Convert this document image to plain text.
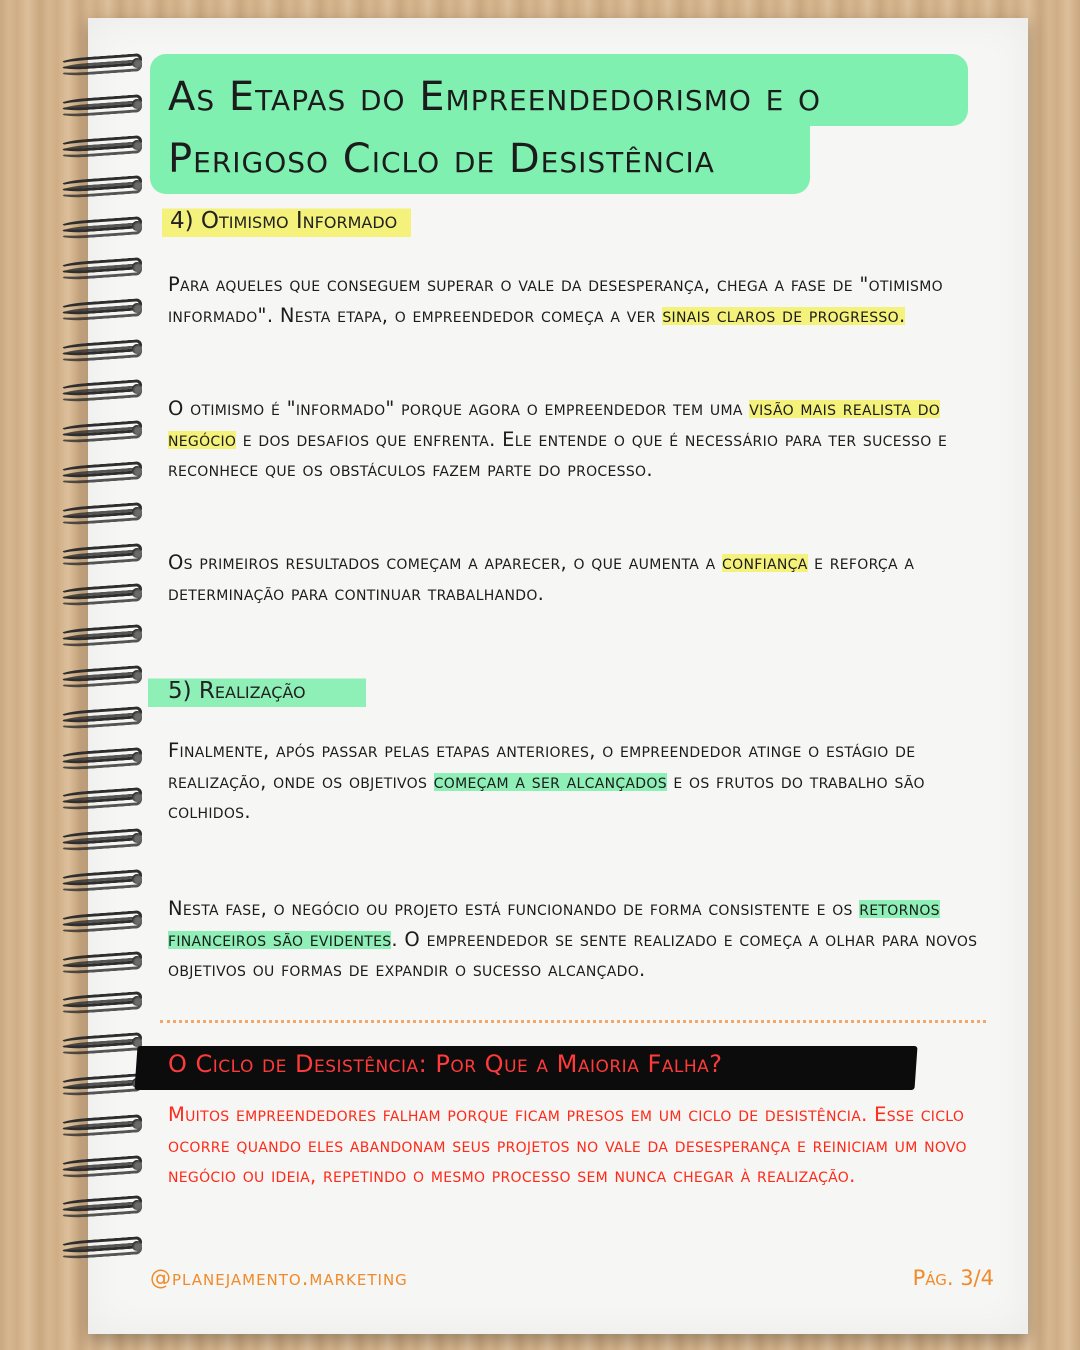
As Etapas do Empreendedorismo e o Perigoso Ciclo de Desistência
4) Otimismo Informado
Para aqueles que conseguem superar o vale da desesperança, chega a fase de "otimismo informado". Nesta etapa, o empreendedor começa a ver sinais claros de progresso.
O otimismo é "informado" porque agora o empreendedor tem uma visão mais realista do negócio e dos desafios que enfrenta. Ele entende o que é necessário para ter sucesso e reconhece que os obstáculos fazem parte do processo.
Os primeiros resultados começam a aparecer, o que aumenta a confiança e reforça a determinação para continuar trabalhando.
5) Realização
Finalmente, após passar pelas etapas anteriores, o empreendedor atinge o estágio de realização, onde os objetivos começam a ser alcançados e os frutos do trabalho são colhidos.
Nesta fase, o negócio ou projeto está funcionando de forma consistente e os retornos financeiros são evidentes. O empreendedor se sente realizado e começa a olhar para novos objetivos ou formas de expandir o sucesso alcançado.
O Ciclo de Desistência: Por Que a Maioria Falha?
Muitos empreendedores falham porque ficam presos em um ciclo de desistência. Esse ciclo ocorre quando eles abandonam seus projetos no vale da desesperança e reiniciam um novo negócio ou ideia, repetindo o mesmo processo sem nunca chegar à realização.
@planejamento.marketing	Pág. 3/4
